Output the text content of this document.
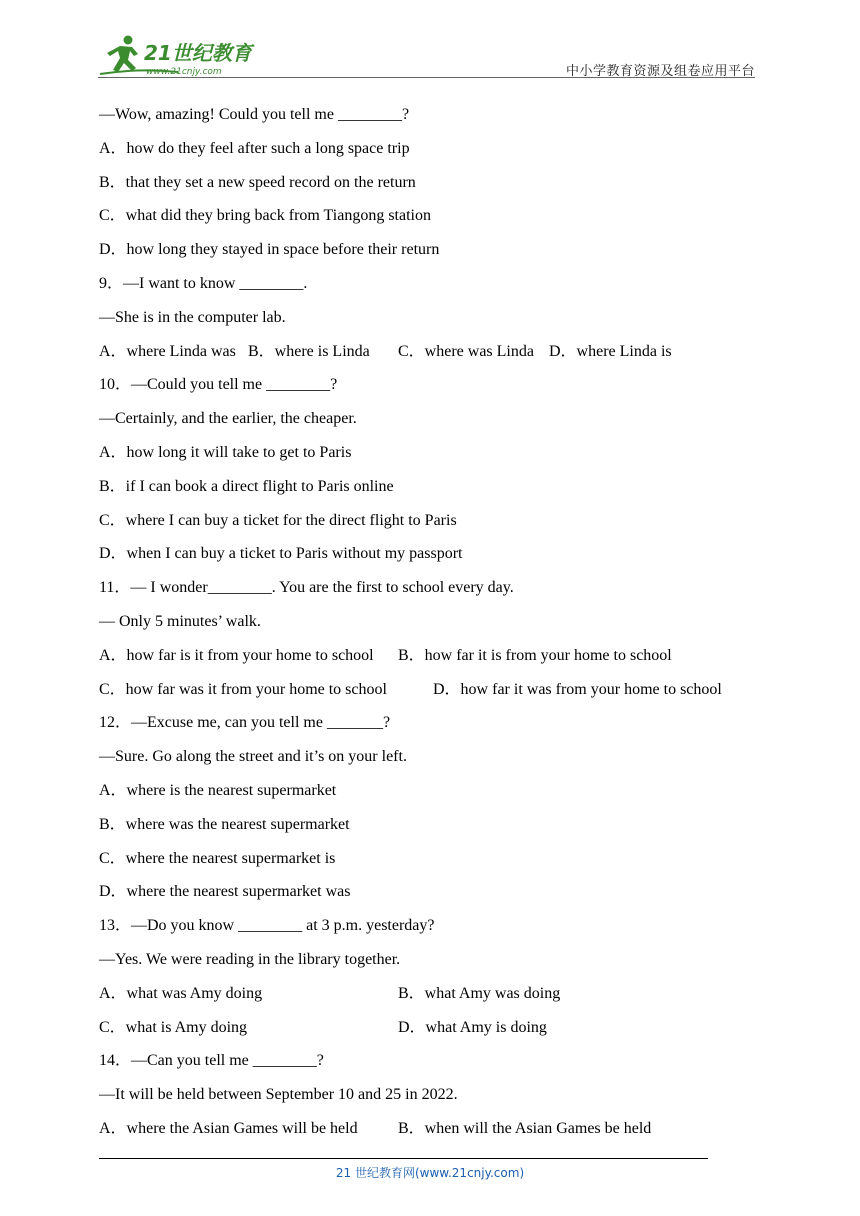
21世纪教育
www.21cnjy.com	中小学教育资源及组卷应用平台
—Wow, amazing! Could you tell me ________?
A．how do they feel after such a long space trip
B．that they set a new speed record on the return
C．what did they bring back from Tiangong station
D．how long they stayed in space before their return
9．—I want to know ________.
—She is in the computer lab.
A．where Linda was B．where is Linda C．where was Linda D．where Linda is
10．—Could you tell me ________?
—Certainly, and the earlier, the cheaper.
A．how long it will take to get to Paris
B．if I can book a direct flight to Paris online
C．where I can buy a ticket for the direct flight to Paris
D．when I can buy a ticket to Paris without my passport
11．— I wonder________. You are the first to school every day.
— Only 5 minutes’ walk.
A．how far is it from your home to school B．how far it is from your home to school
C．how far was it from your home to school	D．how far it was from your home to school
12．—Excuse me, can you tell me _______?
—Sure. Go along the street and it’s on your left.
A．where is the nearest supermarket
B．where was the nearest supermarket
C．where the nearest supermarket is
D．where the nearest supermarket was
13．—Do you know ________ at 3 p.m. yesterday?
—Yes. We were reading in the library together.
A．what was Amy doing	B．what Amy was doing
C．what is Amy doing	D．what Amy is doing
14．—Can you tell me ________?
—It will be held between September 10 and 25 in 2022.
A．where the Asian Games will be held	B．when will the Asian Games be held
21 世纪教育网(www.21cnjy.com)
